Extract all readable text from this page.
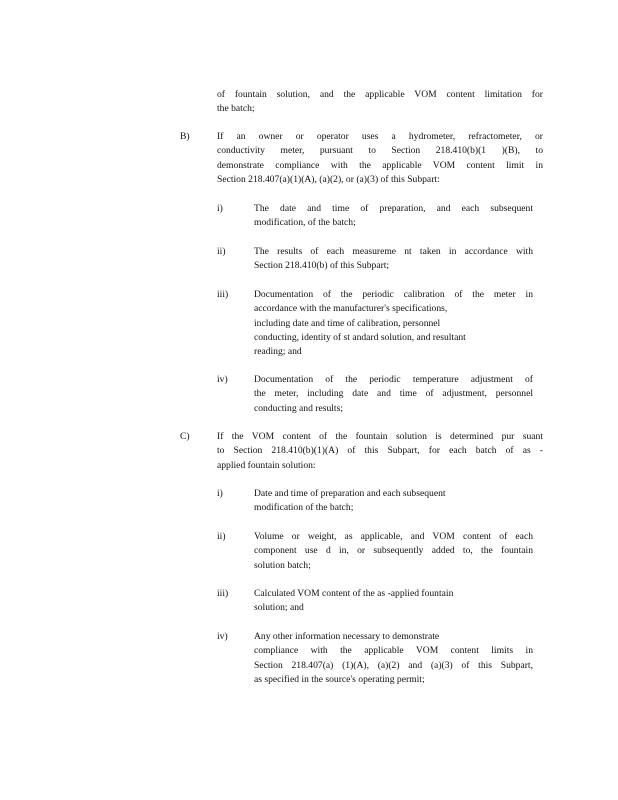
of fountain solution, and the applicable VOM content limitation for
the batch;
B)	If an owner or operator uses a hydrometer, refractometer, or
conductivity meter, pursuant to Section 218.410(b)(1 )(B), to
demonstrate compliance with the applicable VOM content limit in
Section 218.407(a)(1)(A), (a)(2), or (a)(3) of this Subpart:
i)	The date and time of preparation, and each subsequent
modification, of the batch;
ii)	The results of each measureme nt taken in accordance with
Section 218.410(b) of this Subpart;
iii)	Documentation of the periodic calibration of the meter in
accordance with the manufacturer's specifications,
including date and time of calibration, personnel
conducting, identity of st andard solution, and resultant
reading; and
iv)	Documentation of the periodic temperature adjustment of
the meter, including date and time of adjustment, personnel
conducting and results;
C)	If the VOM content of the fountain solution is determined pur suant
to Section 218.410(b)(1)(A) of this Subpart, for each batch of as -
applied fountain solution:
i)	Date and time of preparation and each subsequent
modification of the batch;
ii)	Volume or weight, as applicable, and VOM content of each
component use d in, or subsequently added to, the fountain
solution batch;
iii)	Calculated VOM content of the as -applied fountain
solution; and
iv)	Any other information necessary to demonstrate
compliance with the applicable VOM content limits in
Section 218.407(a) (1)(A), (a)(2) and (a)(3) of this Subpart,
as specified in the source's operating permit;
